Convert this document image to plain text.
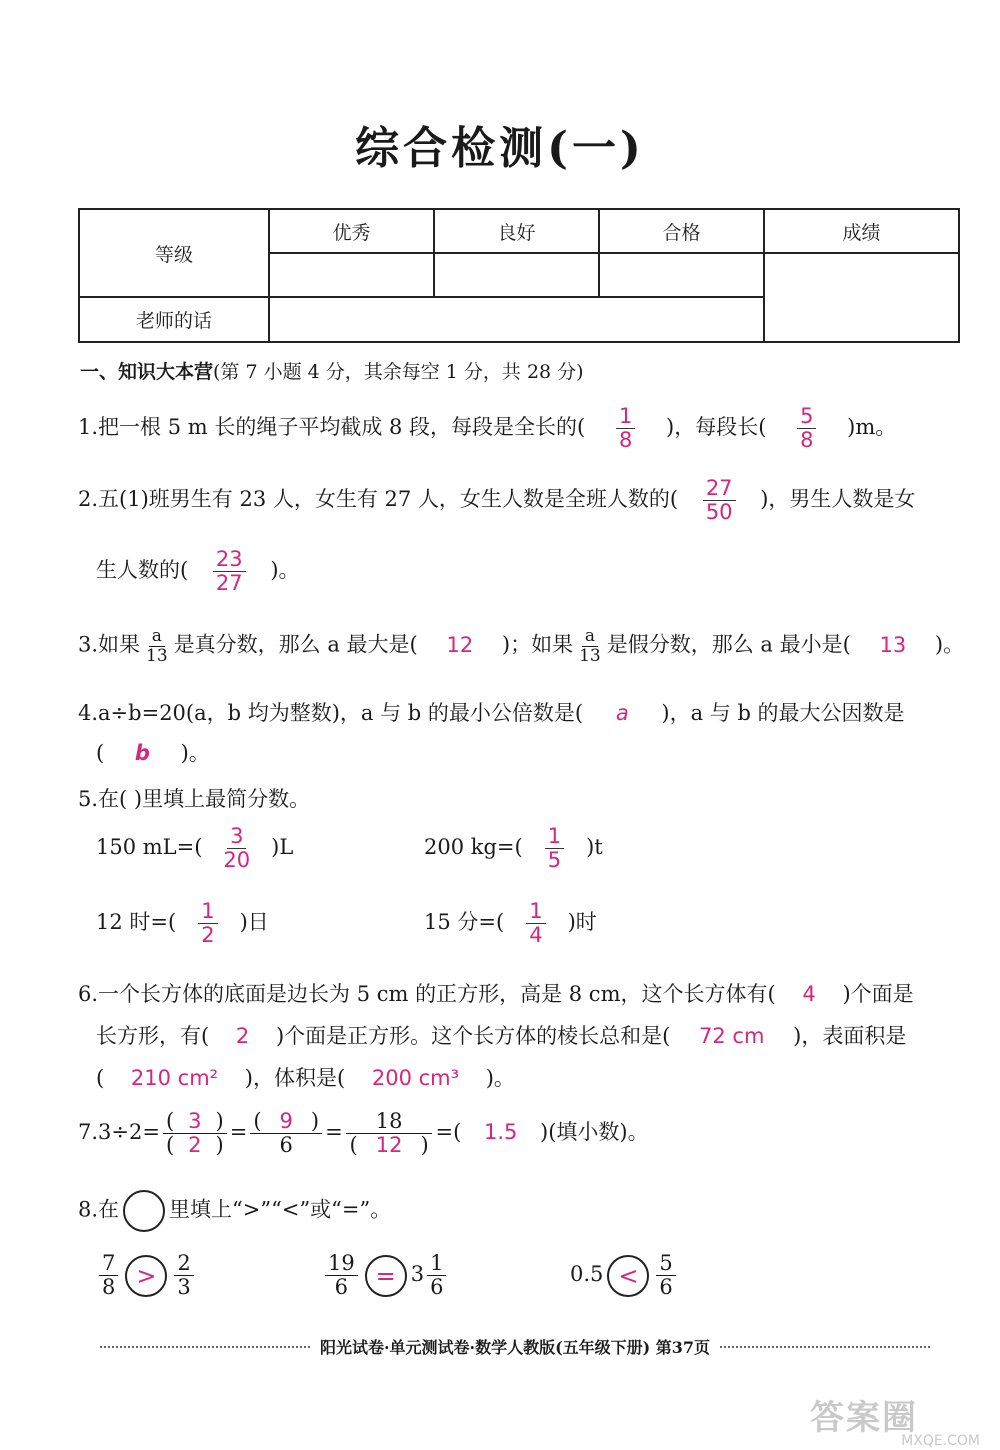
综合检测(一)
等级	优秀	良好	合格	成绩

老师的话				
一、知识大本营(第 7 小题 4 分，其余每空 1 分，共 28 分)
1.把一根 5 m 长的绳子平均截成 8 段，每段是全长的( $\frac{1}{8}$ )，每段长( $\frac{5}{8} )m$。
2.五(1)班男生有 23 人，女生有 27 人，女生人数是全班人数的( $\frac{27}{50}$ )，男生人数是女
生人数的( $\frac{23}{27}$ )。
3.如果 $\frac{a}{13}$ 是真分数，那么 a 最大是( 12 )；如果 $\frac{a}{13}$ 是假分数，那么 a 最小是( 13 )。
4.a÷b=20(a，b 均为整数)，a 与 b 的最小公倍数是( a )，a 与 b 的最大公因数是
( b )。
5.在( )里填上最简分数。
150 $mL=( \frac{3}{20} )L$	200 $kg=( \frac{1}{5} )t$
12 时=( $\frac{1}{2}$ )日	15 分=( $\frac{1}{4}$ )时
6.一个长方体的底面是边长为 5 cm 的正方形，高是 8 cm，这个长方体有( 4 )个面是
长方形，有( 2 )个面是正方形。这个长方体的棱长总和是( 72 cm )，表面积是
( 210 cm² )，体积是( 200 cm³ )。
$7.3\div 2= \frac{( 3 )}{( 2 )} = \frac{( 9 )}{6} = \frac{18}{( 12 )}$ =( 1.5 )(填小数)。
8.在 里填上“>”“<”或“=”。
$\frac{7}{8} > \frac{2}{3}$	$\frac{19}{6} = 3 \frac{1}{6}$	$0.5 < \frac{5}{6}$
阳光试卷·单元测试卷·数学人教版(五年级下册) 第37页
答案圈
MXQE.COM
